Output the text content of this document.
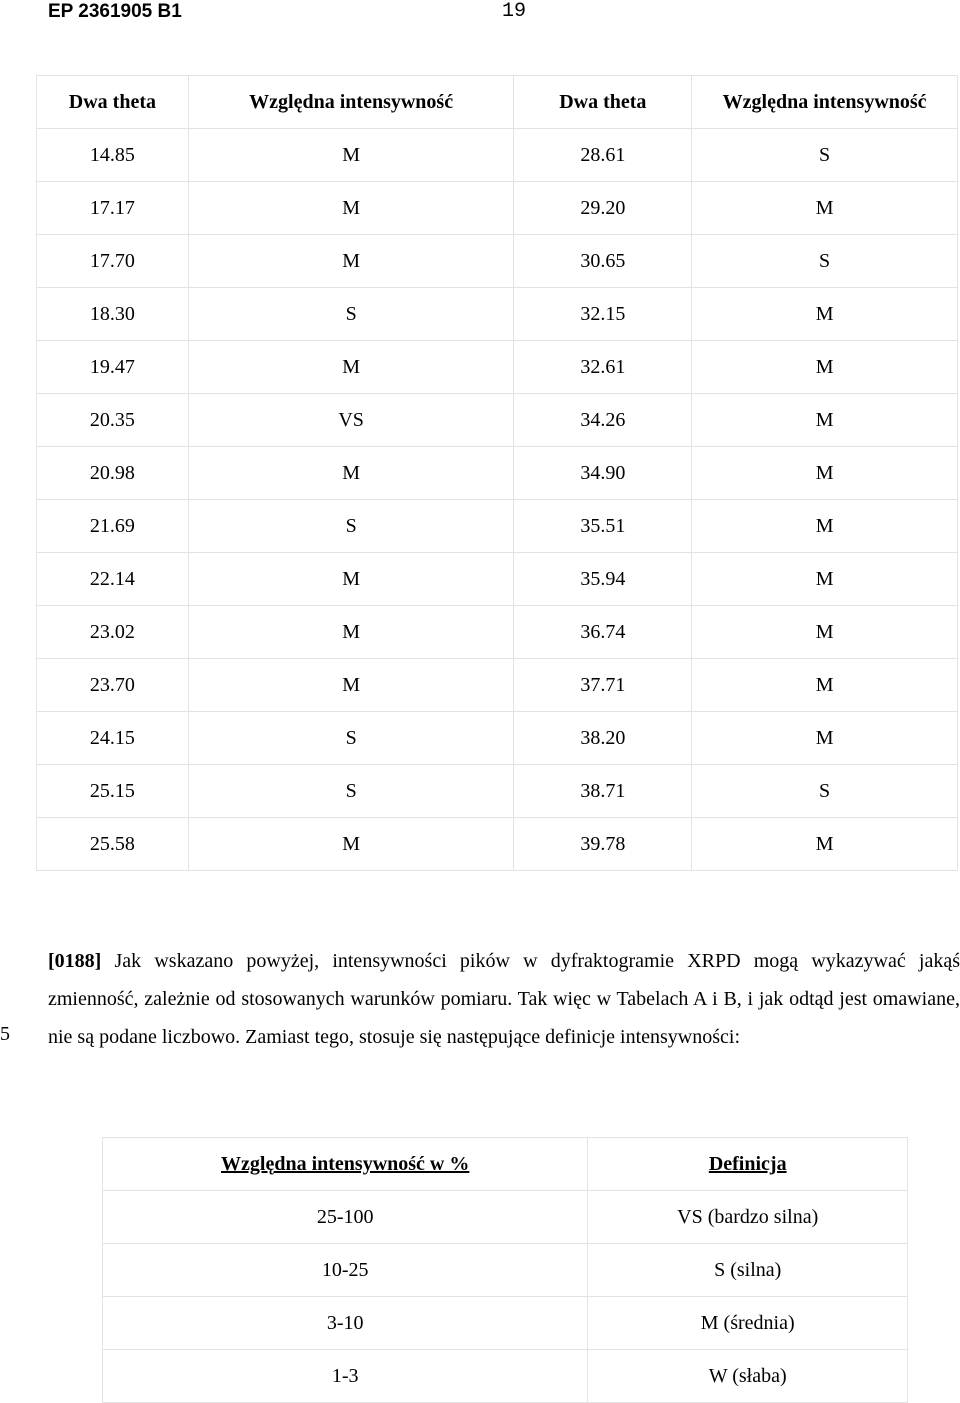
EP 2361905 B1	19
Dwa theta	Względna intensywność	Dwa theta	Względna intensywność
14.85	M	28.61	S
17.17	M	29.20	M
17.70	M	30.65	S
18.30	S	32.15	M
19.47	M	32.61	M
20.35	VS	34.26	M
20.98	M	34.90	M
21.69	S	35.51	M
22.14	M	35.94	M
23.02	M	36.74	M
23.70	M	37.71	M
24.15	S	38.20	M
25.15	S	38.71	S
25.58	M	39.78	M
[0188] Jak wskazano powyżej, intensywności pików w dyfraktogramie XRPD mogą wykazywać jakąś zmienność, zależnie od stosowanych warunków pomiaru. Tak więc w Tabelach A i B, i jak odtąd jest omawiane, nie są podane liczbowo. Zamiast tego, stosuje się następujące definicje intensywności:
5
Względna intensywność w %	Definicja
25-100	VS (bardzo silna)
10-25	S (silna)
3-10	M (średnia)
1-3	W (słaba)
